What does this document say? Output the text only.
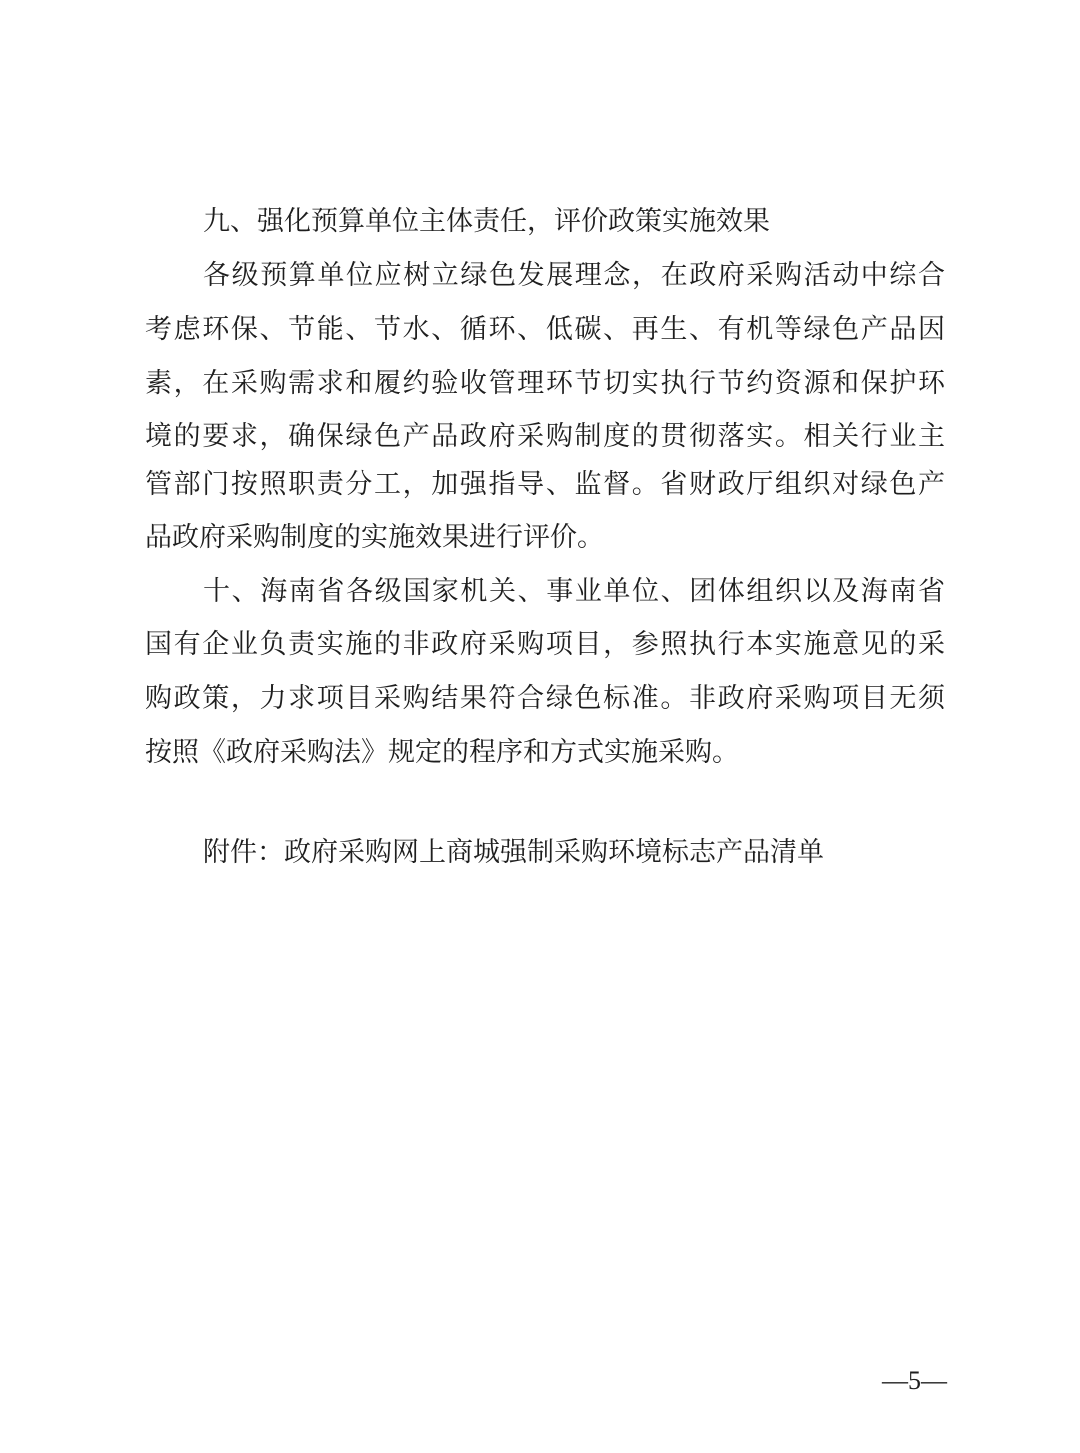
九、强化预算单位主体责任，评价政策实施效果
各级预算单位应树立绿色发展理念，在政府采购活动中综合
考虑环保、节能、节水、循环、低碳、再生、有机等绿色产品因
素，在采购需求和履约验收管理环节切实执行节约资源和保护环
境的要求，确保绿色产品政府采购制度的贯彻落实。相关行业主
管部门按照职责分工，加强指导、监督。省财政厅组织对绿色产
品政府采购制度的实施效果进行评价。
十、海南省各级国家机关、事业单位、团体组织以及海南省
国有企业负责实施的非政府采购项目，参照执行本实施意见的采
购政策，力求项目采购结果符合绿色标准。非政府采购项目无须
按照《政府采购法》规定的程序和方式实施采购。
附件：政府采购网上商城强制采购环境标志产品清单
—5—
